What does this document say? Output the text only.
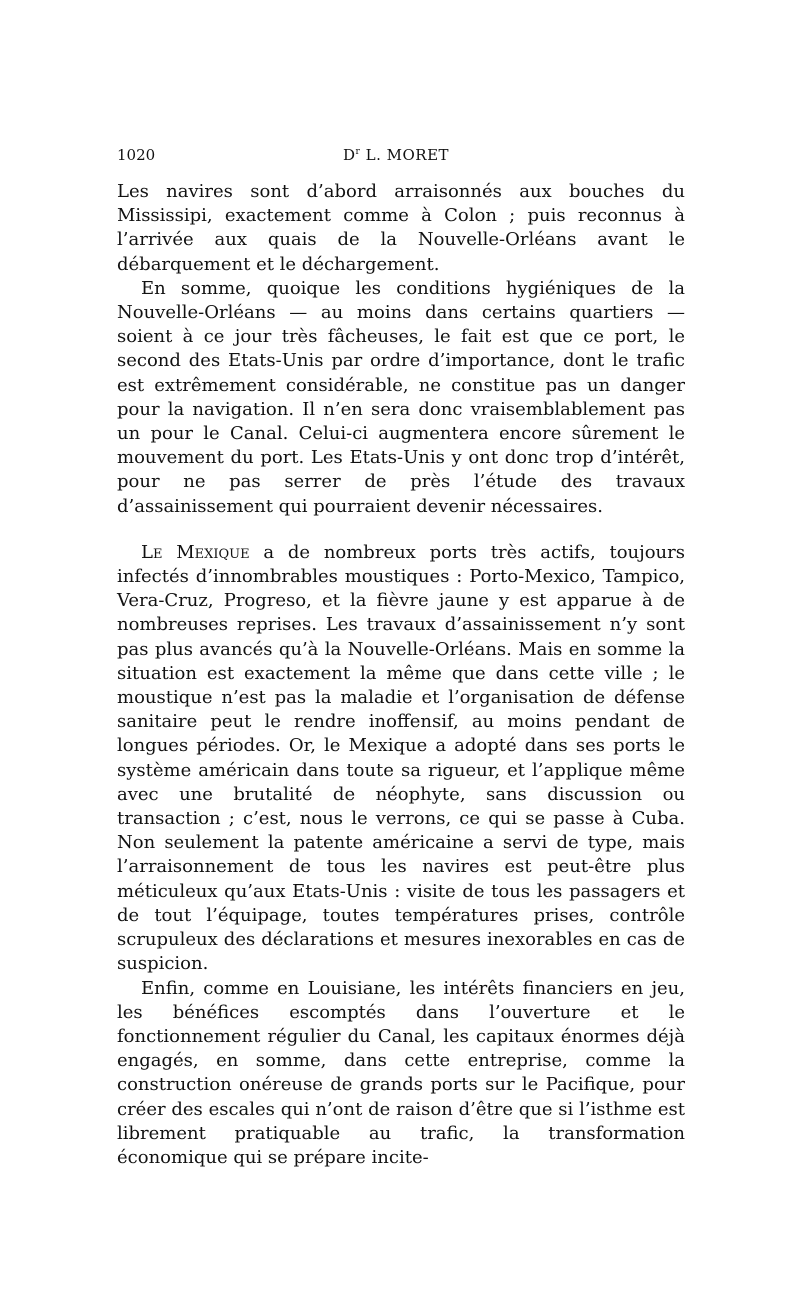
1020	$D^r$ L. MORET

Les navires sont d’abord arraisonnés aux bouches du Mississipi, exactement comme à Colon ; puis reconnus à l’arrivée aux quais de la Nouvelle-Orléans avant le débarquement et le déchargement.

En somme, quoique les conditions hygiéniques de la Nouvelle-Orléans — au moins dans certains quartiers — soient à ce jour très fâcheuses, le fait est que ce port, le second des Etats-Unis par ordre d’importance, dont le trafic est extrêmement considérable, ne constitue pas un danger pour la navigation. Il n’en sera donc vraisemblablement pas un pour le Canal. Celui-ci augmentera encore sûrement le mouvement du port. Les Etats-Unis y ont donc trop d’intérêt, pour ne pas serrer de près l’étude des travaux d’assainissement qui pourraient devenir nécessaires.

Le Mexique a de nombreux ports très actifs, toujours infectés d’innombrables moustiques : Porto-Mexico, Tampico, Vera-Cruz, Progreso, et la fièvre jaune y est apparue à de nombreuses reprises. Les travaux d’assainissement n’y sont pas plus avancés qu’à la Nouvelle-Orléans. Mais en somme la situation est exactement la même que dans cette ville ; le moustique n’est pas la maladie et l’organisation de défense sanitaire peut le rendre inoffensif, au moins pendant de longues périodes. Or, le Mexique a adopté dans ses ports le système américain dans toute sa rigueur, et l’applique même avec une brutalité de néophyte, sans discussion ou transaction ; c’est, nous le verrons, ce qui se passe à Cuba. Non seulement la patente américaine a servi de type, mais l’arraisonnement de tous les navires est peut-être plus méticuleux qu’aux Etats-Unis : visite de tous les passagers et de tout l’équipage, toutes températures prises, contrôle scrupuleux des déclarations et mesures inexorables en cas de suspicion.

Enfin, comme en Louisiane, les intérêts financiers en jeu, les bénéfices escomptés dans l’ouverture et le fonctionnement régulier du Canal, les capitaux énormes déjà engagés, en somme, dans cette entreprise, comme la construction onéreuse de grands ports sur le Pacifique, pour créer des escales qui n’ont de raison d’être que si l’isthme est librement pratiquable au trafic, la transformation économique qui se prépare incite-
